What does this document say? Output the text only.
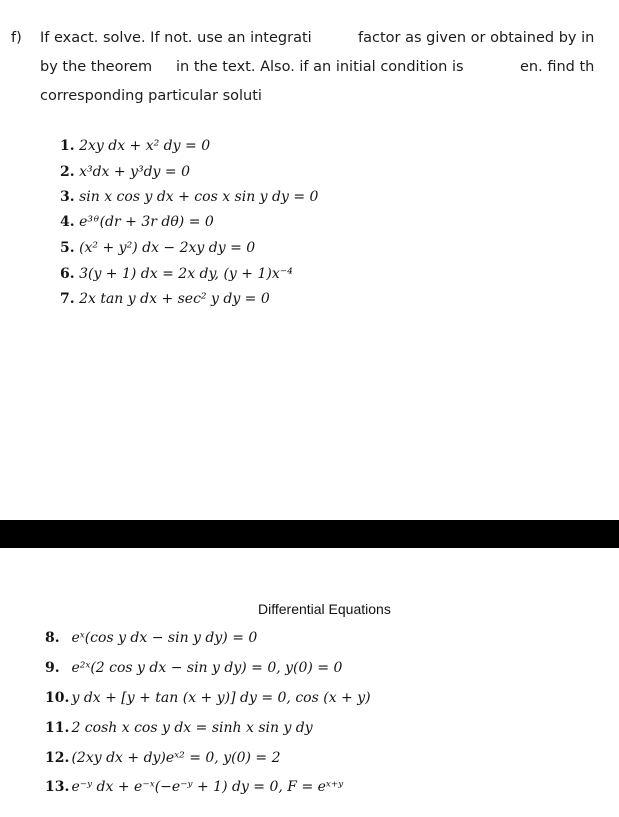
f) If exact. solve. If not. use an integrati	factor as given or obtained by in
by the theorem in the text. Also. if an initial condition is	en. find th
corresponding particular soluti
1. 2xy dx + x² dy = 0
2. x³dx + y³dy = 0
3. sin x cos y dx + cos x sin y dy = 0
4. e³ᶿ(dr + 3r dθ) = 0
5. (x² + y²) dx − 2xy dy = 0
6. 3(y + 1) dx = 2x dy, (y + 1)x⁻⁴
7. 2x tan y dx + sec² y dy = 0
Differential Equations
8. eˣ(cos y dx − sin y dy) = 0
9. e²ˣ(2 cos y dx − sin y dy) = 0, y(0) = 0
10. y dx + [y + tan (x + y)] dy = 0, cos (x + y)
11. 2 cosh x cos y dx = sinh x sin y dy
12. (2xy dx + dy)eˣ² = 0, y(0) = 2
13. e⁻ʸ dx + e⁻ˣ(−e⁻ʸ + 1) dy = 0, F = eˣ⁺ʸ
